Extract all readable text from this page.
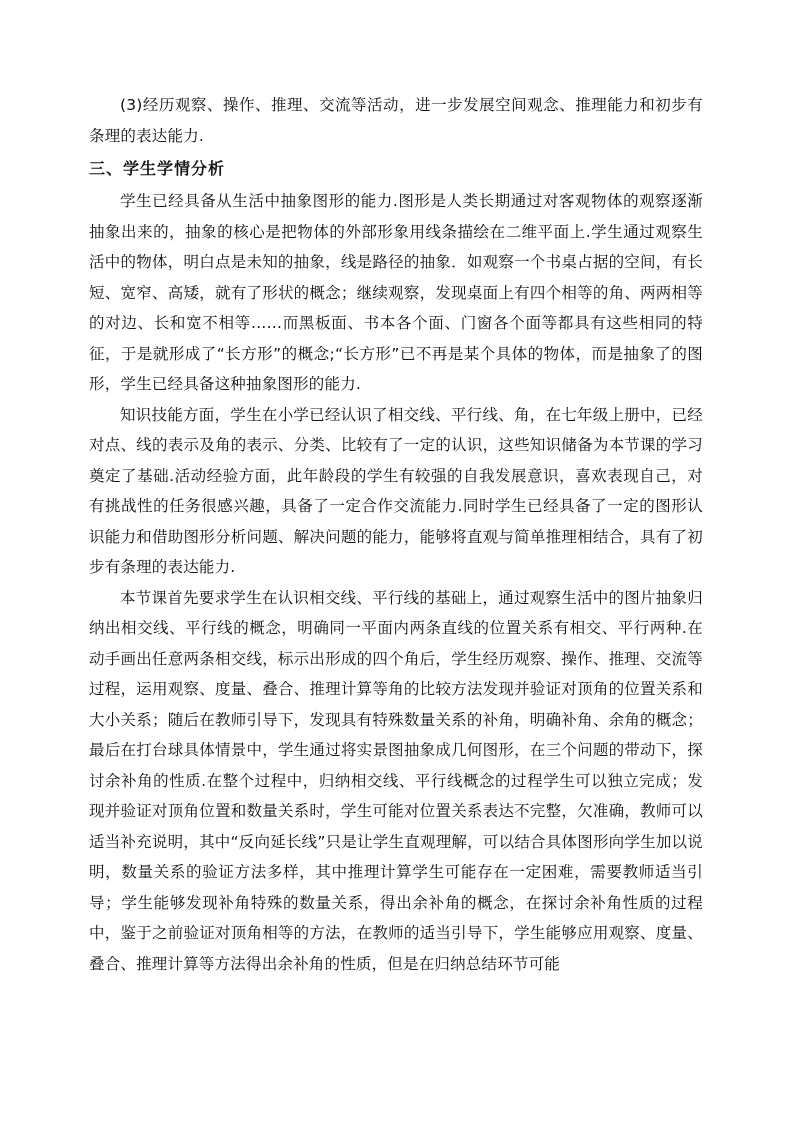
(3)经历观察、操作、推理、交流等活动，进一步发展空间观念、推理能力和初步有条理的表达能力.

三、学生学情分析

学生已经具备从生活中抽象图形的能力.图形是人类长期通过对客观物体的观察逐渐抽象出来的，抽象的核心是把物体的外部形象用线条描绘在二维平面上.学生通过观察生活中的物体，明白点是未知的抽象，线是路径的抽象．如观察一个书桌占据的空间，有长短、宽窄、高矮，就有了形状的概念；继续观察，发现桌面上有四个相等的角、两两相等的对边、长和宽不相等……而黑板面、书本各个面、门窗各个面等都具有这些相同的特征，于是就形成了“长方形”的概念;“长方形”已不再是某个具体的物体，而是抽象了的图形，学生已经具备这种抽象图形的能力.

知识技能方面，学生在小学已经认识了相交线、平行线、角，在七年级上册中，已经对点、线的表示及角的表示、分类、比较有了一定的认识，这些知识储备为本节课的学习奠定了基础.活动经验方面，此年龄段的学生有较强的自我发展意识，喜欢表现自己，对有挑战性的任务很感兴趣，具备了一定合作交流能力.同时学生已经具备了一定的图形认识能力和借助图形分析问题、解决问题的能力，能够将直观与简单推理相结合，具有了初步有条理的表达能力.

本节课首先要求学生在认识相交线、平行线的基础上，通过观察生活中的图片抽象归纳出相交线、平行线的概念，明确同一平面内两条直线的位置关系有相交、平行两种.在动手画出任意两条相交线，标示出形成的四个角后，学生经历观察、操作、推理、交流等过程，运用观察、度量、叠合、推理计算等角的比较方法发现并验证对顶角的位置关系和大小关系；随后在教师引导下，发现具有特殊数量关系的补角，明确补角、余角的概念；最后在打台球具体情景中，学生通过将实景图抽象成几何图形，在三个问题的带动下，探讨余补角的性质.在整个过程中，归纳相交线、平行线概念的过程学生可以独立完成；发现并验证对顶角位置和数量关系时，学生可能对位置关系表达不完整，欠准确，教师可以适当补充说明，其中“反向延长线”只是让学生直观理解，可以结合具体图形向学生加以说明，数量关系的验证方法多样，其中推理计算学生可能存在一定困难，需要教师适当引导；学生能够发现补角特殊的数量关系，得出余补角的概念，在探讨余补角性质的过程中，鉴于之前验证对顶角相等的方法，在教师的适当引导下，学生能够应用观察、度量、叠合、推理计算等方法得出余补角的性质，但是在归纳总结环节可能
